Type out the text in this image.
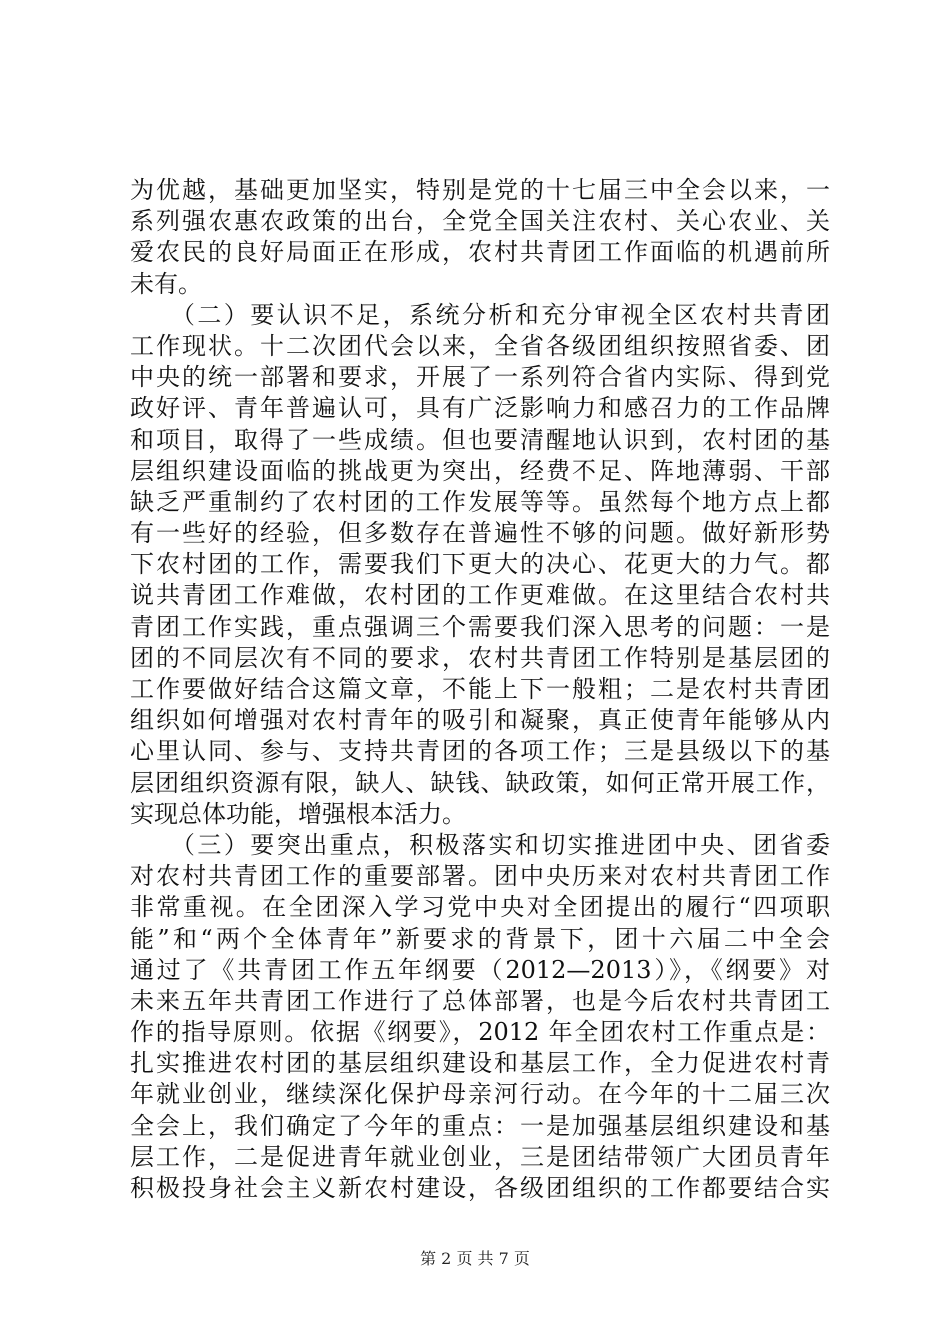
为优越，基础更加坚实，特别是党的十七届三中全会以来，一
系列强农惠农政策的出台，全党全国关注农村、关心农业、关
爱农民的良好局面正在形成，农村共青团工作面临的机遇前所
未有。
　　（二）要认识不足，系统分析和充分审视全区农村共青团
工作现状。十二次团代会以来，全省各级团组织按照省委、团
中央的统一部署和要求，开展了一系列符合省内实际、得到党
政好评、青年普遍认可，具有广泛影响力和感召力的工作品牌
和项目，取得了一些成绩。但也要清醒地认识到，农村团的基
层组织建设面临的挑战更为突出，经费不足、阵地薄弱、干部
缺乏严重制约了农村团的工作发展等等。虽然每个地方点上都
有一些好的经验，但多数存在普遍性不够的问题。做好新形势
下农村团的工作，需要我们下更大的决心、花更大的力气。都
说共青团工作难做，农村团的工作更难做。在这里结合农村共
青团工作实践，重点强调三个需要我们深入思考的问题：一是
团的不同层次有不同的要求，农村共青团工作特别是基层团的
工作要做好结合这篇文章，不能上下一般粗；二是农村共青团
组织如何增强对农村青年的吸引和凝聚，真正使青年能够从内
心里认同、参与、支持共青团的各项工作；三是县级以下的基
层团组织资源有限，缺人、缺钱、缺政策，如何正常开展工作，
实现总体功能，增强根本活力。
　　（三）要突出重点，积极落实和切实推进团中央、团省委
对农村共青团工作的重要部署。团中央历来对农村共青团工作
非常重视。在全团深入学习党中央对全团提出的履行“四项职
能”和“两个全体青年”新要求的背景下，团十六届二中全会
通过了《共青团工作五年纲要（2012—2013）》，《纲要》对
未来五年共青团工作进行了总体部署，也是今后农村共青团工
作的指导原则。依据《纲要》，2012 年全团农村工作重点是：
扎实推进农村团的基层组织建设和基层工作，全力促进农村青
年就业创业，继续深化保护母亲河行动。在今年的十二届三次
全会上，我们确定了今年的重点：一是加强基层组织建设和基
层工作，二是促进青年就业创业，三是团结带领广大团员青年
积极投身社会主义新农村建设，各级团组织的工作都要结合实
第 2 页 共 7 页
